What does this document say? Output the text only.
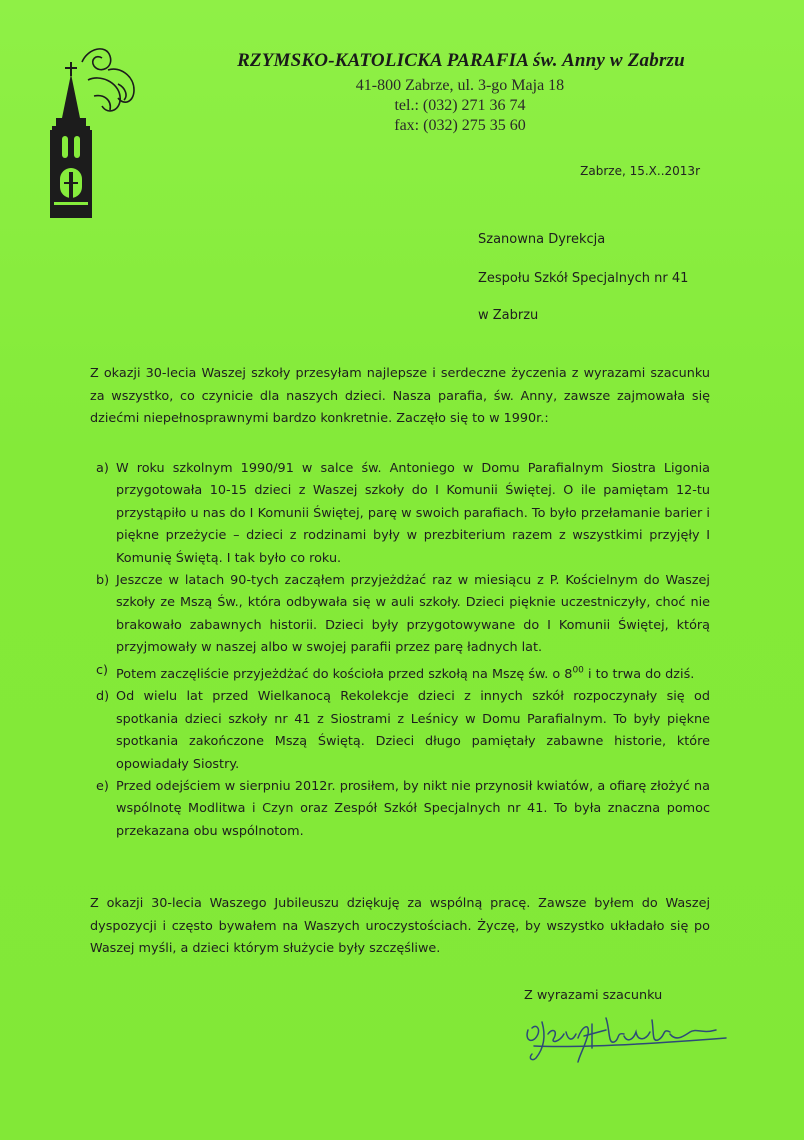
RZYMSKO-KATOLICKA PARAFIA św. Anny w Zabrzu
41-800 Zabrze, ul. 3-go Maja 18
tel.: (032) 271 36 74
fax: (032) 275 35 60
Zabrze, 15.X..2013r
Szanowna Dyrekcja
Zespołu Szkół Specjalnych nr 41
w Zabrzu

Z okazji 30-lecia Waszej szkoły przesyłam najlepsze i serdeczne życzenia z wyrazami szacunku za wszystko, co czynicie dla naszych dzieci. Nasza parafia, św. Anny, zawsze zajmowała się dziećmi niepełnosprawnymi bardzo konkretnie. Zaczęło się to w 1990r.:

a) W roku szkolnym 1990/91 w salce św. Antoniego w Domu Parafialnym Siostra Ligonia przygotowała 10-15 dzieci z Waszej szkoły do I Komunii Świętej. O ile pamiętam 12-tu przystąpiło u nas do I Komunii Świętej, parę w swoich parafiach. To było przełamanie barier i piękne przeżycie – dzieci z rodzinami były w prezbiterium razem z wszystkimi przyjęły I Komunię Świętą. I tak było co roku.
b) Jeszcze w latach 90-tych zacząłem przyjeżdżać raz w miesiącu z P. Kościelnym do Waszej szkoły ze Mszą Św., która odbywała się w auli szkoły. Dzieci pięknie uczestniczyły, choć nie brakowało zabawnych historii. Dzieci były przygotowywane do I Komunii Świętej, którą przyjmowały w naszej albo w swojej parafii przez parę ładnych lat.
c) Potem zaczęliście przyjeżdżać do kościoła przed szkołą na Mszę św. o $8^{00}$ i to trwa do dziś.
d) Od wielu lat przed Wielkanocą Rekolekcje dzieci z innych szkół rozpoczynały się od spotkania dzieci szkoły nr 41 z Siostrami z Leśnicy w Domu Parafialnym. To były piękne spotkania zakończone Mszą Świętą. Dzieci długo pamiętały zabawne historie, które opowiadały Siostry.
e) Przed odejściem w sierpniu 2012r. prosiłem, by nikt nie przynosił kwiatów, a ofiarę złożyć na wspólnotę Modlitwa i Czyn oraz Zespół Szkół Specjalnych nr 41. To była znaczna pomoc przekazana obu wspólnotom.

Z okazji 30-lecia Waszego Jubileuszu dziękuję za wspólną pracę. Zawsze byłem do Waszej dyspozycji i często bywałem na Waszych uroczystościach. Życzę, by wszystko układało się po Waszej myśli, a dzieci którym służycie były szczęśliwe.

Z wyrazami szacunku
